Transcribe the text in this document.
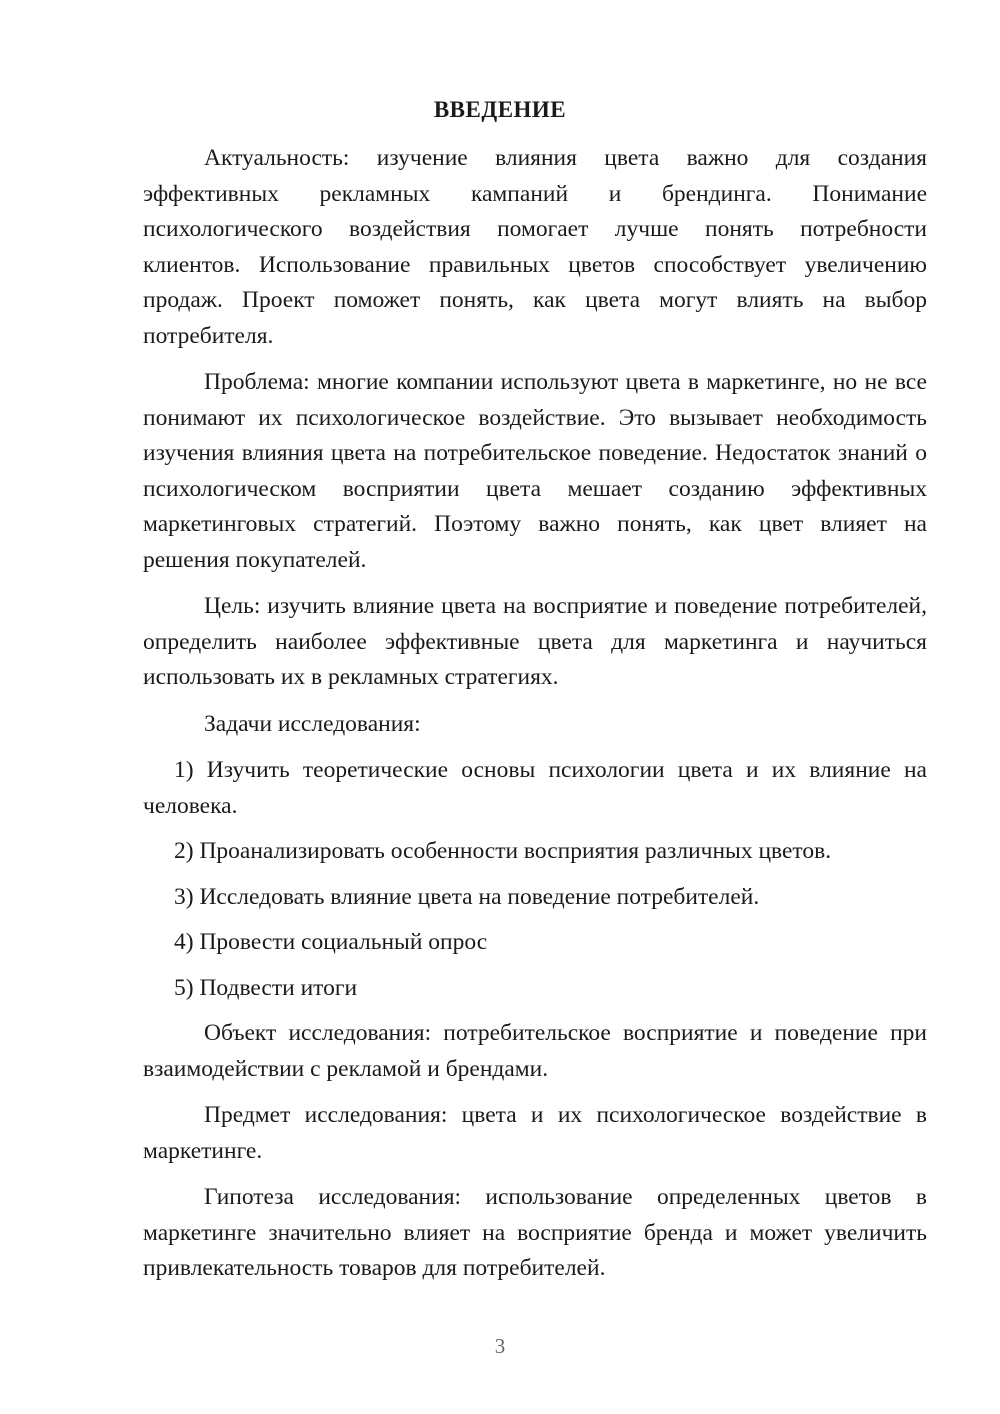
ВВЕДЕНИЕ

Актуальность: изучение влияния цвета важно для создания эффективных рекламных кампаний и брендинга. Понимание психологического воздействия помогает лучше понять потребности клиентов. Использование правильных цветов способствует увеличению продаж. Проект поможет понять, как цвета могут влиять на выбор потребителя.

Проблема: многие компании используют цвета в маркетинге, но не все понимают их психологическое воздействие. Это вызывает необходимость изучения влияния цвета на потребительское поведение. Недостаток знаний о психологическом восприятии цвета мешает созданию эффективных маркетинговых стратегий. Поэтому важно понять, как цвет влияет на решения покупателей.

Цель: изучить влияние цвета на восприятие и поведение потребителей, определить наиболее эффективные цвета для маркетинга и научиться использовать их в рекламных стратегиях.

Задачи исследования:

1) Изучить теоретические основы психологии цвета и их влияние на человека.

2) Проанализировать особенности восприятия различных цветов.

3) Исследовать влияние цвета на поведение потребителей.

4) Провести социальный опрос

5) Подвести итоги

Объект исследования: потребительское восприятие и поведение при взаимодействии с рекламой и брендами.

Предмет исследования: цвета и их психологическое воздействие в маркетинге.

Гипотеза исследования: использование определенных цветов в маркетинге значительно влияет на восприятие бренда и может увеличить привлекательность товаров для потребителей.

3
